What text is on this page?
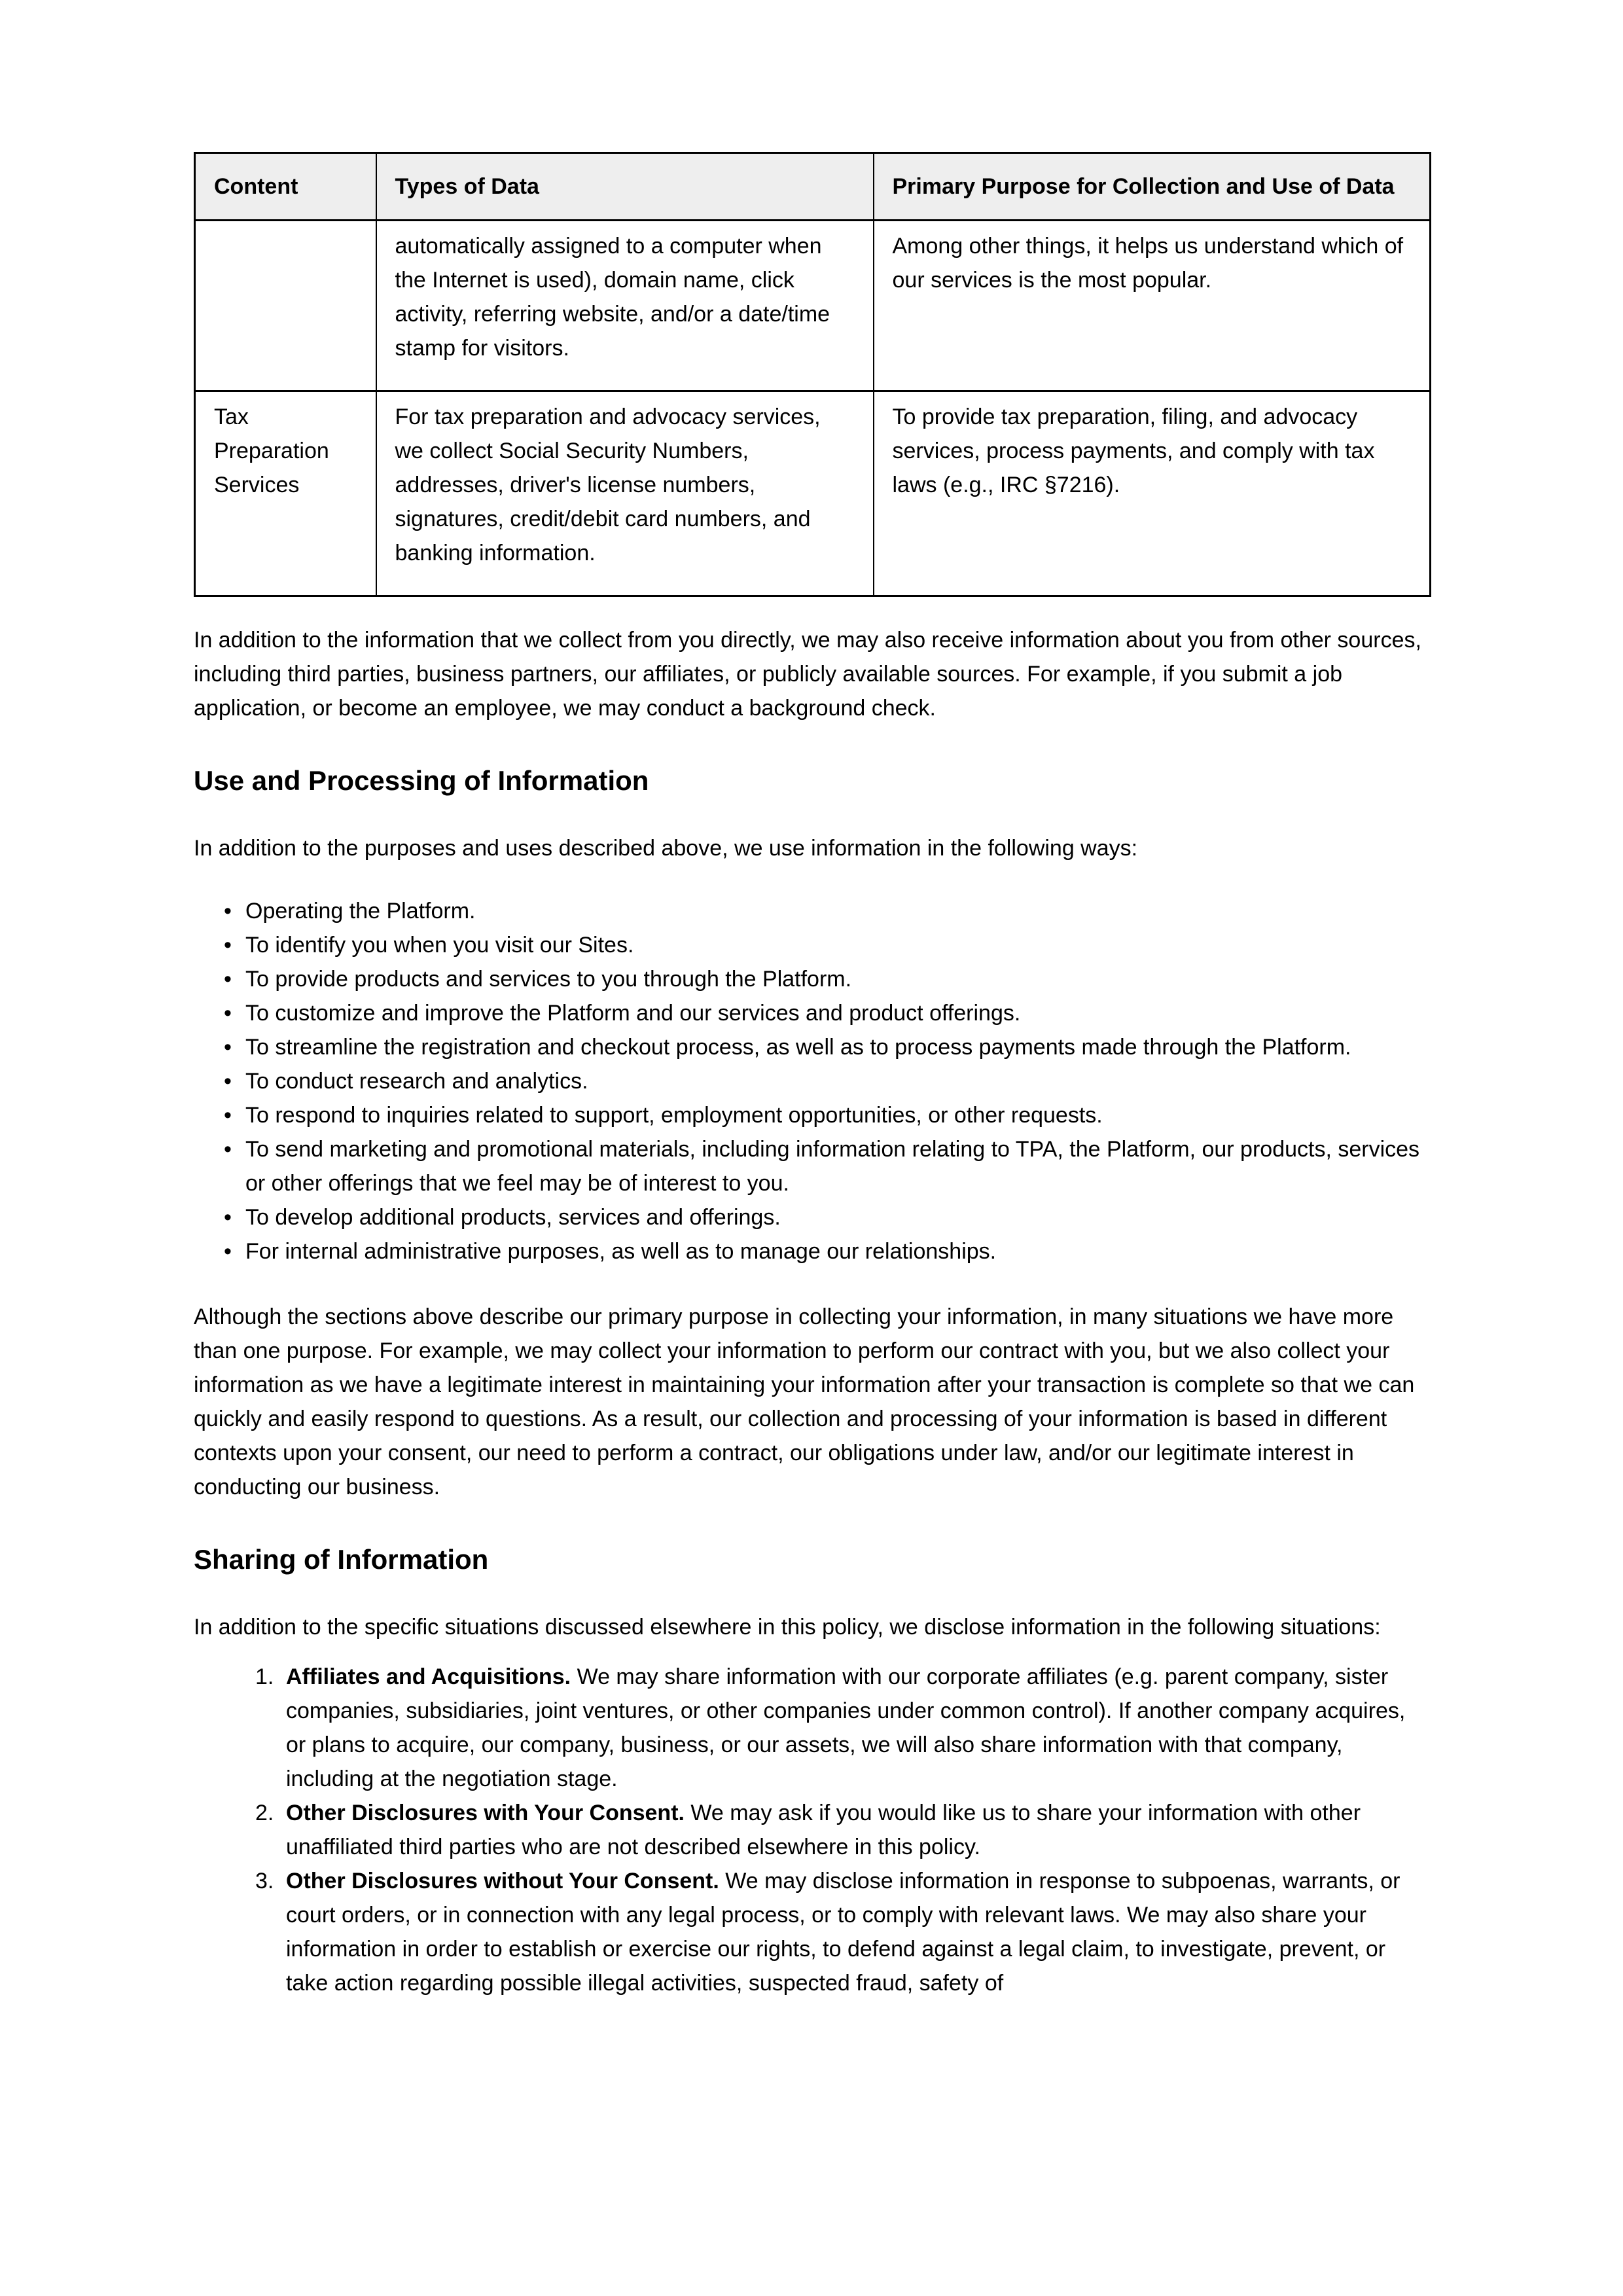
Content	Types of Data	Primary Purpose for Collection and Use of Data
	automatically assigned to a computer when the Internet is used), domain name, click activity, referring website, and/or a date/time stamp for visitors.	Among other things, it helps us understand which of our services is the most popular.
Tax Preparation Services	For tax preparation and advocacy services, we collect Social Security Numbers, addresses, driver's license numbers, signatures, credit/debit card numbers, and banking information.	To provide tax preparation, filing, and advocacy services, process payments, and comply with tax laws (e.g., IRC §7216).

In addition to the information that we collect from you directly, we may also receive information about you from other sources, including third parties, business partners, our affiliates, or publicly available sources. For example, if you submit a job application, or become an employee, we may conduct a background check.

Use and Processing of Information

In addition to the purposes and uses described above, we use information in the following ways:

• Operating the Platform.
• To identify you when you visit our Sites.
• To provide products and services to you through the Platform.
• To customize and improve the Platform and our services and product offerings.
• To streamline the registration and checkout process, as well as to process payments made through the Platform.
• To conduct research and analytics.
• To respond to inquiries related to support, employment opportunities, or other requests.
• To send marketing and promotional materials, including information relating to TPA, the Platform, our products, services or other offerings that we feel may be of interest to you.
• To develop additional products, services and offerings.
• For internal administrative purposes, as well as to manage our relationships.

Although the sections above describe our primary purpose in collecting your information, in many situations we have more than one purpose. For example, we may collect your information to perform our contract with you, but we also collect your information as we have a legitimate interest in maintaining your information after your transaction is complete so that we can quickly and easily respond to questions. As a result, our collection and processing of your information is based in different contexts upon your consent, our need to perform a contract, our obligations under law, and/or our legitimate interest in conducting our business.

Sharing of Information

In addition to the specific situations discussed elsewhere in this policy, we disclose information in the following situations:

1. Affiliates and Acquisitions. We may share information with our corporate affiliates (e.g. parent company, sister companies, subsidiaries, joint ventures, or other companies under common control). If another company acquires, or plans to acquire, our company, business, or our assets, we will also share information with that company, including at the negotiation stage.
2. Other Disclosures with Your Consent. We may ask if you would like us to share your information with other unaffiliated third parties who are not described elsewhere in this policy.
3. Other Disclosures without Your Consent. We may disclose information in response to subpoenas, warrants, or court orders, or in connection with any legal process, or to comply with relevant laws. We may also share your information in order to establish or exercise our rights, to defend against a legal claim, to investigate, prevent, or take action regarding possible illegal activities, suspected fraud, safety of
